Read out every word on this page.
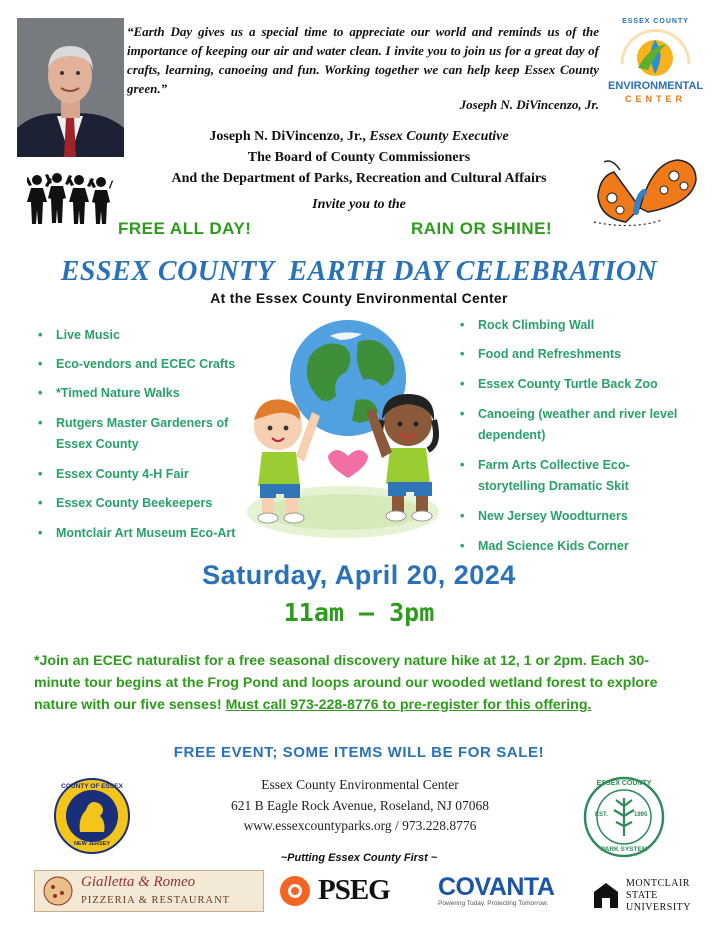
“Earth Day gives us a special time to appreciate our world and reminds us of the importance of keeping our air and water clean. I invite you to join us for a great day of crafts, learning, canoeing and fun. Working together we can help keep Essex County green.”
Joseph N. DiVincenzo, Jr.
ESSEX COUNTY
ENVIRONMENTAL
CENTER
Joseph N. DiVincenzo, Jr., Essex County Executive
The Board of County Commissioners
And the Department of Parks, Recreation and Cultural Affairs
Invite you to the
FREE ALL DAY!	RAIN OR SHINE!
ESSEX COUNTY  EARTH DAY CELEBRATION
At the Essex County Environmental Center
• Live Music
• Eco-vendors and ECEC Crafts
• *Timed Nature Walks
• Rutgers Master Gardeners of Essex County
• Essex County 4-H Fair
• Essex County Beekeepers
• Montclair Art Museum Eco-Art
• Rock Climbing Wall
• Food and Refreshments
• Essex County Turtle Back Zoo
• Canoeing (weather and river level dependent)
• Farm Arts Collective Eco-storytelling Dramatic Skit
• New Jersey Woodturners
• Mad Science Kids Corner
Saturday, April 20, 2024
11am – 3pm
*Join an ECEC naturalist for a free seasonal discovery nature hike at 12, 1 or 2pm. Each 30-minute tour begins at the Frog Pond and loops around our wooded wetland forest to explore nature with our five senses! Must call 973-228-8776 to pre-register for this offering.
FREE EVENT; SOME ITEMS WILL BE FOR SALE!
COUNTY OF ESSEX
NEW JERSEY
Essex County Environmental Center
621 B Eagle Rock Avenue, Roseland, NJ 07068
www.essexcountyparks.org / 973.228.8776
ESSEX COUNTY
EST.	1895
PARK SYSTEM
~Putting Essex County First ~
Gialletta & Romeo
PIZZERIA & RESTAURANT	PSEG COVANTA
Powering Today. Protecting Tomorrow.
MONTCLAIR
STATE
UNIVERSITY
